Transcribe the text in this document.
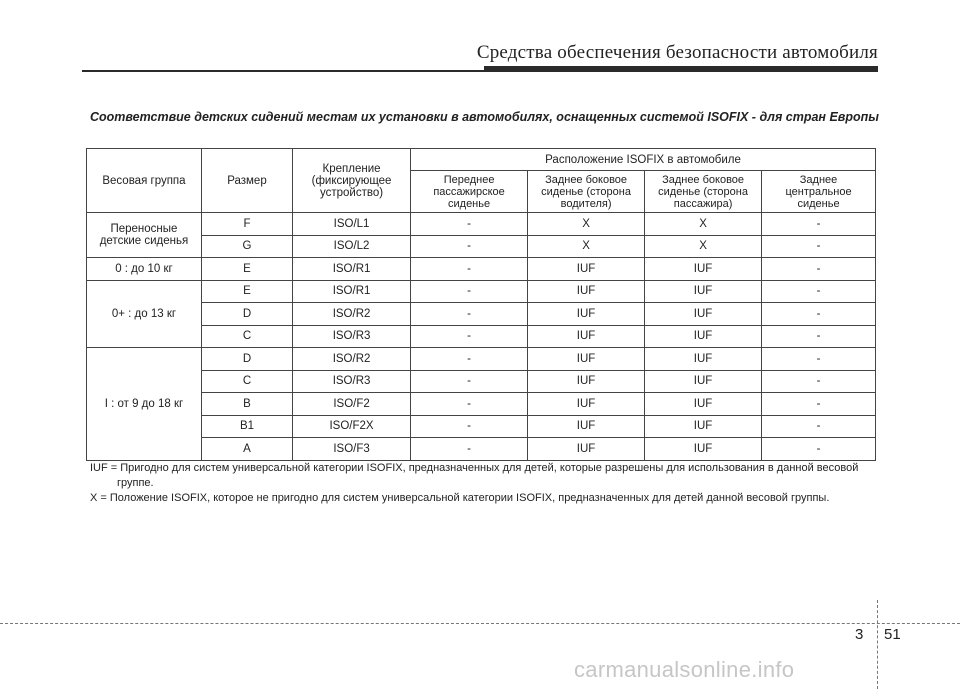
Средства обеспечения безопасности автомобиля
Соответствие детских сидений местам их установки в автомобилях, оснащенных системой ISOFIX - для стран Европы
Весовая группа	Размер	Крепление (фиксирующее устройство)	Расположение ISOFIX в автомобиле			
			Переднее пассажирское сиденье	Заднее боковое сиденье (сторона водителя)	Заднее боковое сиденье (сторона пассажира)	Заднее центральное сиденье
Переносные детские сиденья	F	ISO/L1	-	X	X	-
	G	ISO/L2	-	X	X	-
0 : до 10 кг	E	ISO/R1	-	IUF	IUF	-
0+ : до 13 кг	E	ISO/R1	-	IUF	IUF	-
	D	ISO/R2	-	IUF	IUF	-
	C	ISO/R3	-	IUF	IUF	-
I : от 9 до 18 кг	D	ISO/R2	-	IUF	IUF	-
	C	ISO/R3	-	IUF	IUF	-
	B	ISO/F2	-	IUF	IUF	-
	B1	ISO/F2X	-	IUF	IUF	-
	A	ISO/F3	-	IUF	IUF	-
IUF = Пригодно для систем универсальной категории ISOFIX, предназначенных для детей, которые разрешены для использования в данной весовой группе.
X = Положение ISOFIX, которое не пригодно для систем универсальной категории ISOFIX, предназначенных для детей данной весовой группы.
3 51
carmanualsonline.info
